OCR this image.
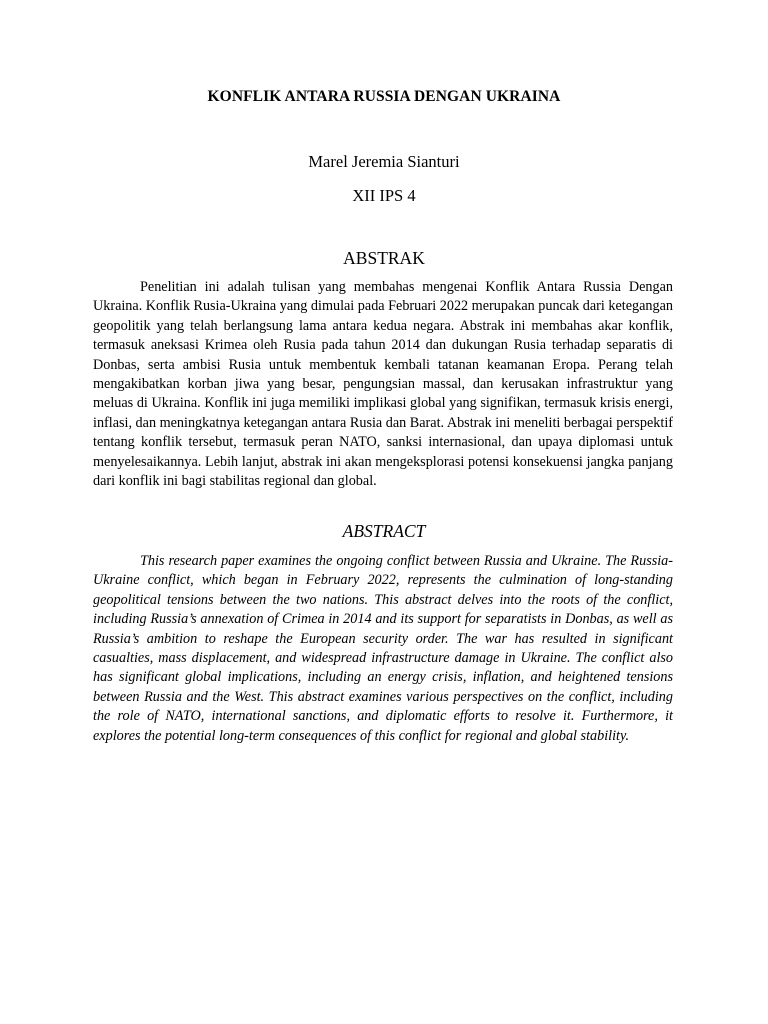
KONFLIK ANTARA RUSSIA DENGAN UKRAINA
Marel Jeremia Sianturi
XII IPS 4
ABSTRAK

Penelitian ini adalah tulisan yang membahas mengenai Konflik Antara Russia Dengan Ukraina. Konflik Rusia-Ukraina yang dimulai pada Februari 2022 merupakan puncak dari ketegangan geopolitik yang telah berlangsung lama antara kedua negara. Abstrak ini membahas akar konflik, termasuk aneksasi Krimea oleh Rusia pada tahun 2014 dan dukungan Rusia terhadap separatis di Donbas, serta ambisi Rusia untuk membentuk kembali tatanan keamanan Eropa. Perang telah mengakibatkan korban jiwa yang besar, pengungsian massal, dan kerusakan infrastruktur yang meluas di Ukraina. Konflik ini juga memiliki implikasi global yang signifikan, termasuk krisis energi, inflasi, dan meningkatnya ketegangan antara Rusia dan Barat. Abstrak ini meneliti berbagai perspektif tentang konflik tersebut, termasuk peran NATO, sanksi internasional, dan upaya diplomasi untuk menyelesaikannya. Lebih lanjut, abstrak ini akan mengeksplorasi potensi konsekuensi jangka panjang dari konflik ini bagi stabilitas regional dan global.

ABSTRACT

This research paper examines the ongoing conflict between Russia and Ukraine. The Russia-Ukraine conflict, which began in February 2022, represents the culmination of long-standing geopolitical tensions between the two nations. This abstract delves into the roots of the conflict, including Russia’s annexation of Crimea in 2014 and its support for separatists in Donbas, as well as Russia’s ambition to reshape the European security order. The war has resulted in significant casualties, mass displacement, and widespread infrastructure damage in Ukraine. The conflict also has significant global implications, including an energy crisis, inflation, and heightened tensions between Russia and the West. This abstract examines various perspectives on the conflict, including the role of NATO, international sanctions, and diplomatic efforts to resolve it. Furthermore, it explores the potential long-term consequences of this conflict for regional and global stability.
